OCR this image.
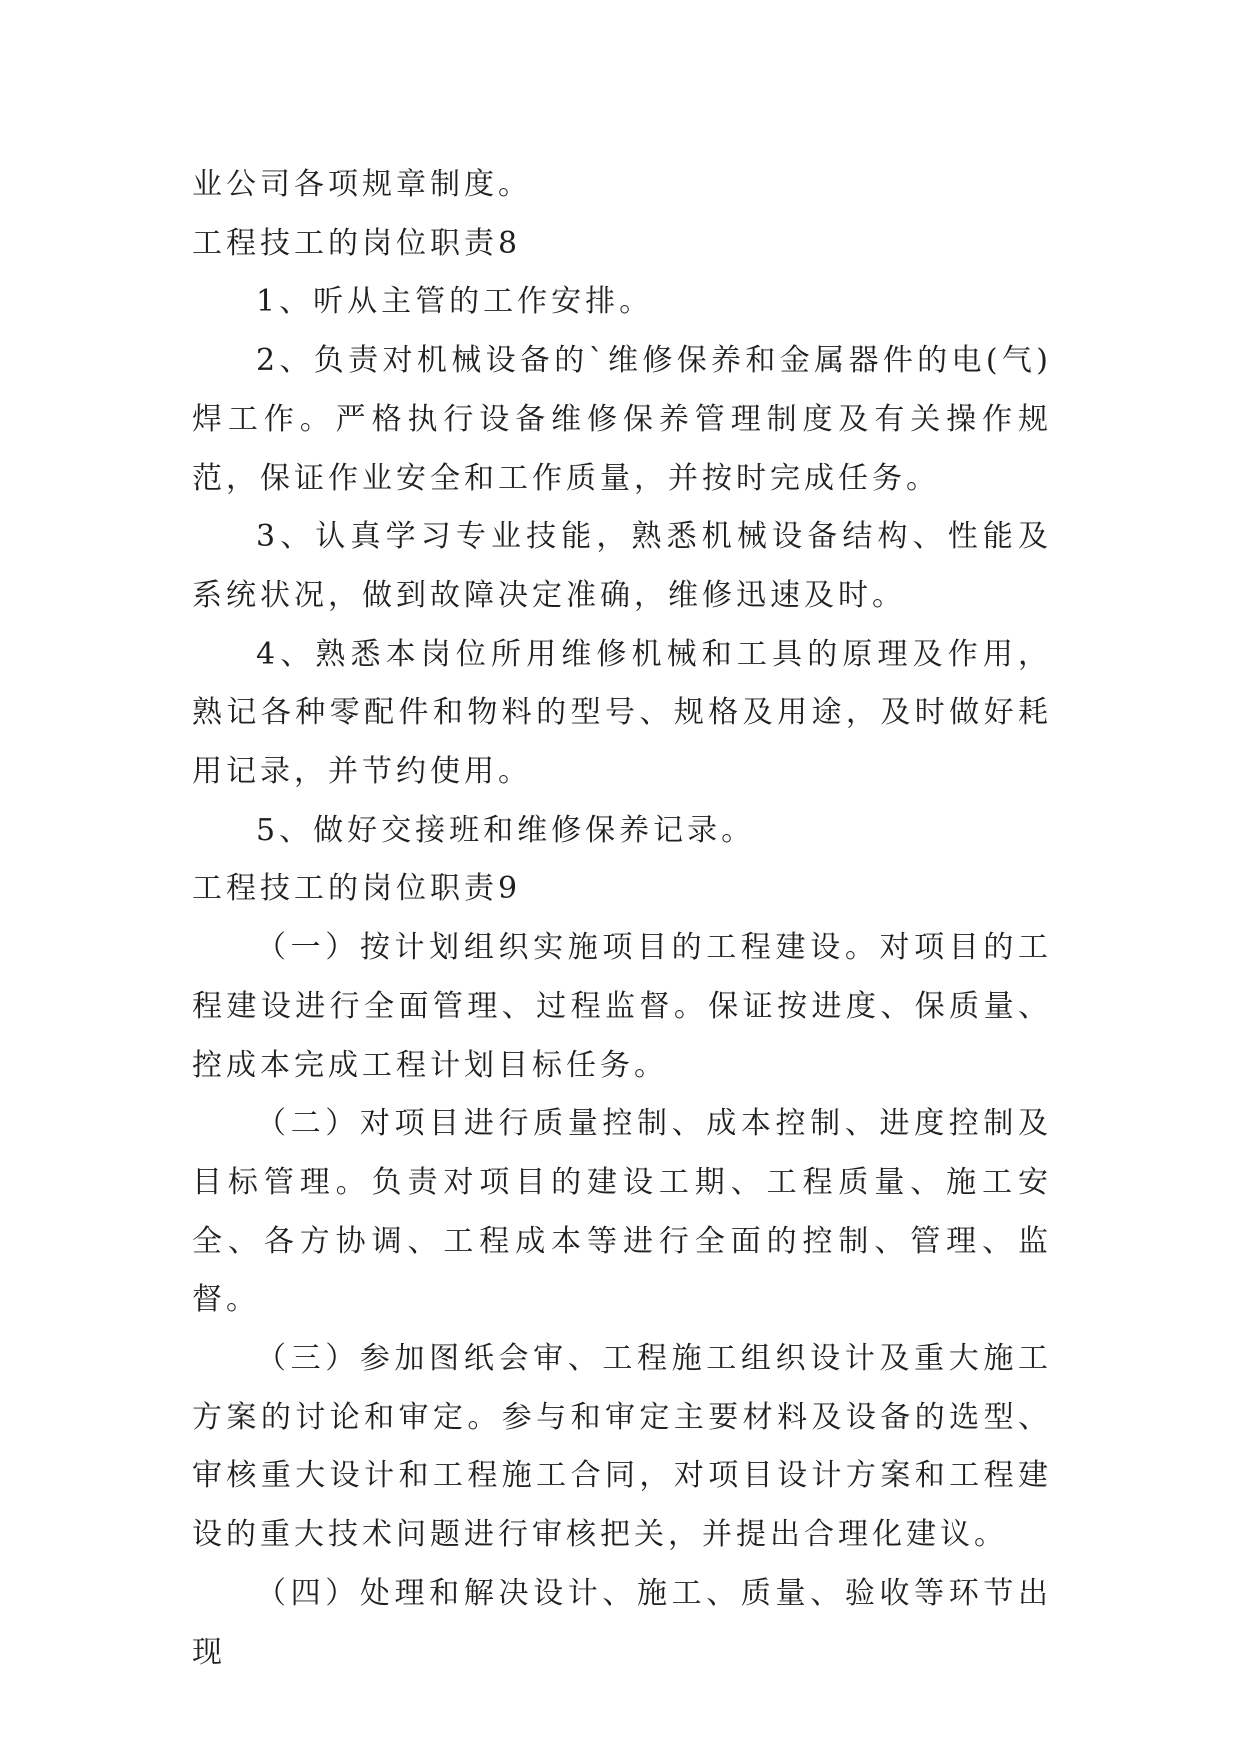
业公司各项规章制度。

工程技工的岗位职责8

1、听从主管的工作安排。

2、负责对机械设备的`维修保养和金属器件的电(气)焊工作。严格执行设备维修保养管理制度及有关操作规范，保证作业安全和工作质量，并按时完成任务。

3、认真学习专业技能，熟悉机械设备结构、性能及系统状况，做到故障决定准确，维修迅速及时。

4、熟悉本岗位所用维修机械和工具的原理及作用，熟记各种零配件和物料的型号、规格及用途，及时做好耗用记录，并节约使用。

5、做好交接班和维修保养记录。

工程技工的岗位职责9

（一）按计划组织实施项目的工程建设。对项目的工程建设进行全面管理、过程监督。保证按进度、保质量、控成本完成工程计划目标任务。

（二）对项目进行质量控制、成本控制、进度控制及目标管理。负责对项目的建设工期、工程质量、施工安全、各方协调、工程成本等进行全面的控制、管理、监督。

（三）参加图纸会审、工程施工组织设计及重大施工方案的讨论和审定。参与和审定主要材料及设备的选型、审核重大设计和工程施工合同，对项目设计方案和工程建设的重大技术问题进行审核把关，并提出合理化建议。

（四）处理和解决设计、施工、质量、验收等环节出现
